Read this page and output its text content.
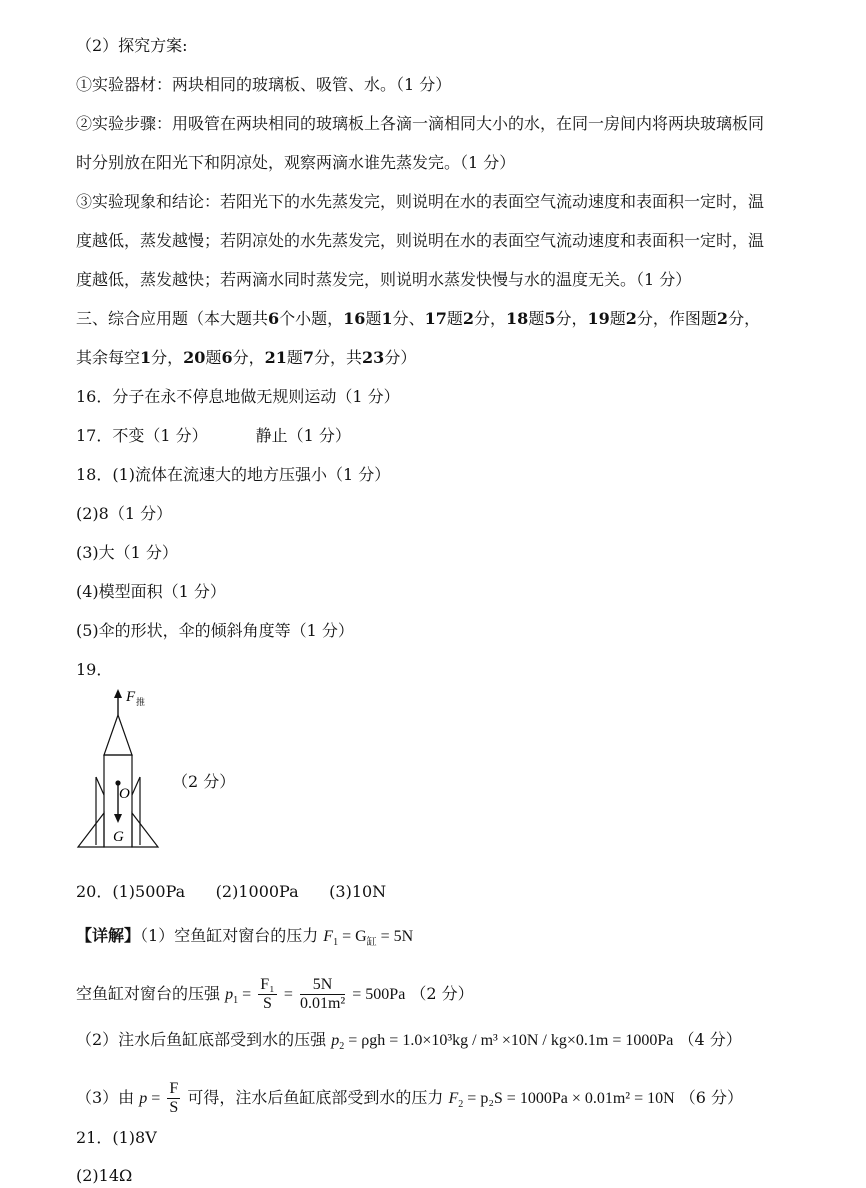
（2）探究方案:
①实验器材：两块相同的玻璃板、吸管、水。（1 分）
②实验步骤：用吸管在两块相同的玻璃板上各滴一滴相同大小的水，在同一房间内将两块玻璃板同
时分别放在阳光下和阴凉处，观察两滴水谁先蒸发完。（1 分）
③实验现象和结论：若阳光下的水先蒸发完，则说明在水的表面空气流动速度和表面积一定时，温
度越低，蒸发越慢；若阴凉处的水先蒸发完，则说明在水的表面空气流动速度和表面积一定时，温
度越低，蒸发越快；若两滴水同时蒸发完，则说明水蒸发快慢与水的温度无关。（1 分）
三、综合应用题（本大题共6个小题，16题1分、17题2分，18题5分，19题2分，作图题2分，
其余每空1分，20题6分，21题7分，共23分）
16．分子在永不停息地做无规则运动（1 分）
17．不变（1 分）	静止（1 分）
18．(1)流体在流速大的地方压强小（1 分）
(2)8（1 分）
(3)大（1 分）
(4)模型面积（1 分）
(5)伞的形状，伞的倾斜角度等（1 分）
19．
F 推
O
G
（2 分）
20．(1)500Pa      (2)1000Pa      (3)10N
【详解】（1）空鱼缸对窗台的压力 $F_1 = G_缸 = 5N$
空鱼缸对窗台的压强 $p_1 = \frac{\text{F₁}}{S} = \frac{5N}{\text{0.01m²}} = 500Pa$ （2 分）
（2）注水后鱼缸底部受到水的压强 $p_2 = \rho gh = 1.0\times 10^3kg / m^3 \times 10N / kg\times 0.1m = 1000Pa$ （4 分）
（3）由 $p = \frac{F}{S}$ 可得，注水后鱼缸底部受到水的压力 $F_2 = p_2S = 1000Pa \times 0.01m^2 = 10N$ （6 分）
21．(1)8V
(2)14Ω
